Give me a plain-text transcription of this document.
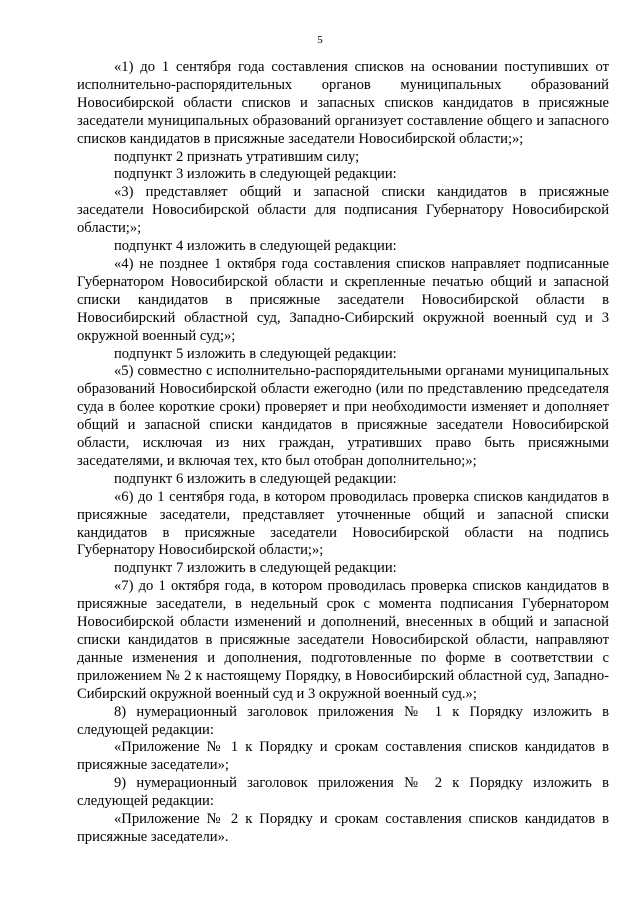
5

«1) до 1 сентября года составления списков на основании поступивших от исполнительно-распорядительных органов муниципальных образований Новосибирской области списков и запасных списков кандидатов в присяжные заседатели муниципальных образований организует составление общего и запасного списков кандидатов в присяжные заседатели Новосибирской области;»;

подпункт 2 признать утратившим силу;

подпункт 3 изложить в следующей редакции:

«3) представляет общий и запасной списки кандидатов в присяжные заседатели Новосибирской области для подписания Губернатору Новосибирской области;»;

подпункт 4 изложить в следующей редакции:

«4) не позднее 1 октября года составления списков направляет подписанные Губернатором Новосибирской области и скрепленные печатью общий и запасной списки кандидатов в присяжные заседатели Новосибирской области в Новосибирский областной суд, Западно-Сибирский окружной военный суд и 3 окружной военный суд;»;

подпункт 5 изложить в следующей редакции:

«5) совместно с исполнительно-распорядительными органами муниципальных образований Новосибирской области ежегодно (или по представлению председателя суда в более короткие сроки) проверяет и при необходимости изменяет и дополняет общий и запасной списки кандидатов в присяжные заседатели Новосибирской области, исключая из них граждан, утративших право быть присяжными заседателями, и включая тех, кто был отобран дополнительно;»;

подпункт 6 изложить в следующей редакции:

«6) до 1 сентября года, в котором проводилась проверка списков кандидатов в присяжные заседатели, представляет уточненные общий и запасной списки кандидатов в присяжные заседатели Новосибирской области на подпись Губернатору Новосибирской области;»;

подпункт 7 изложить в следующей редакции:

«7) до 1 октября года, в котором проводилась проверка списков кандидатов в присяжные заседатели, в недельный срок с момента подписания Губернатором Новосибирской области изменений и дополнений, внесенных в общий и запасной списки кандидатов в присяжные заседатели Новосибирской области, направляют данные изменения и дополнения, подготовленные по форме в соответствии с приложением № 2 к настоящему Порядку, в Новосибирский областной суд, Западно-Сибирский окружной военный суд и 3 окружной военный суд.»;

8) нумерационный заголовок приложения № 1 к Порядку изложить в следующей редакции:

«Приложение № 1 к Порядку и срокам составления списков кандидатов в присяжные заседатели»;

9) нумерационный заголовок приложения № 2 к Порядку изложить в следующей редакции:

«Приложение № 2 к Порядку и срокам составления списков кандидатов в присяжные заседатели».
